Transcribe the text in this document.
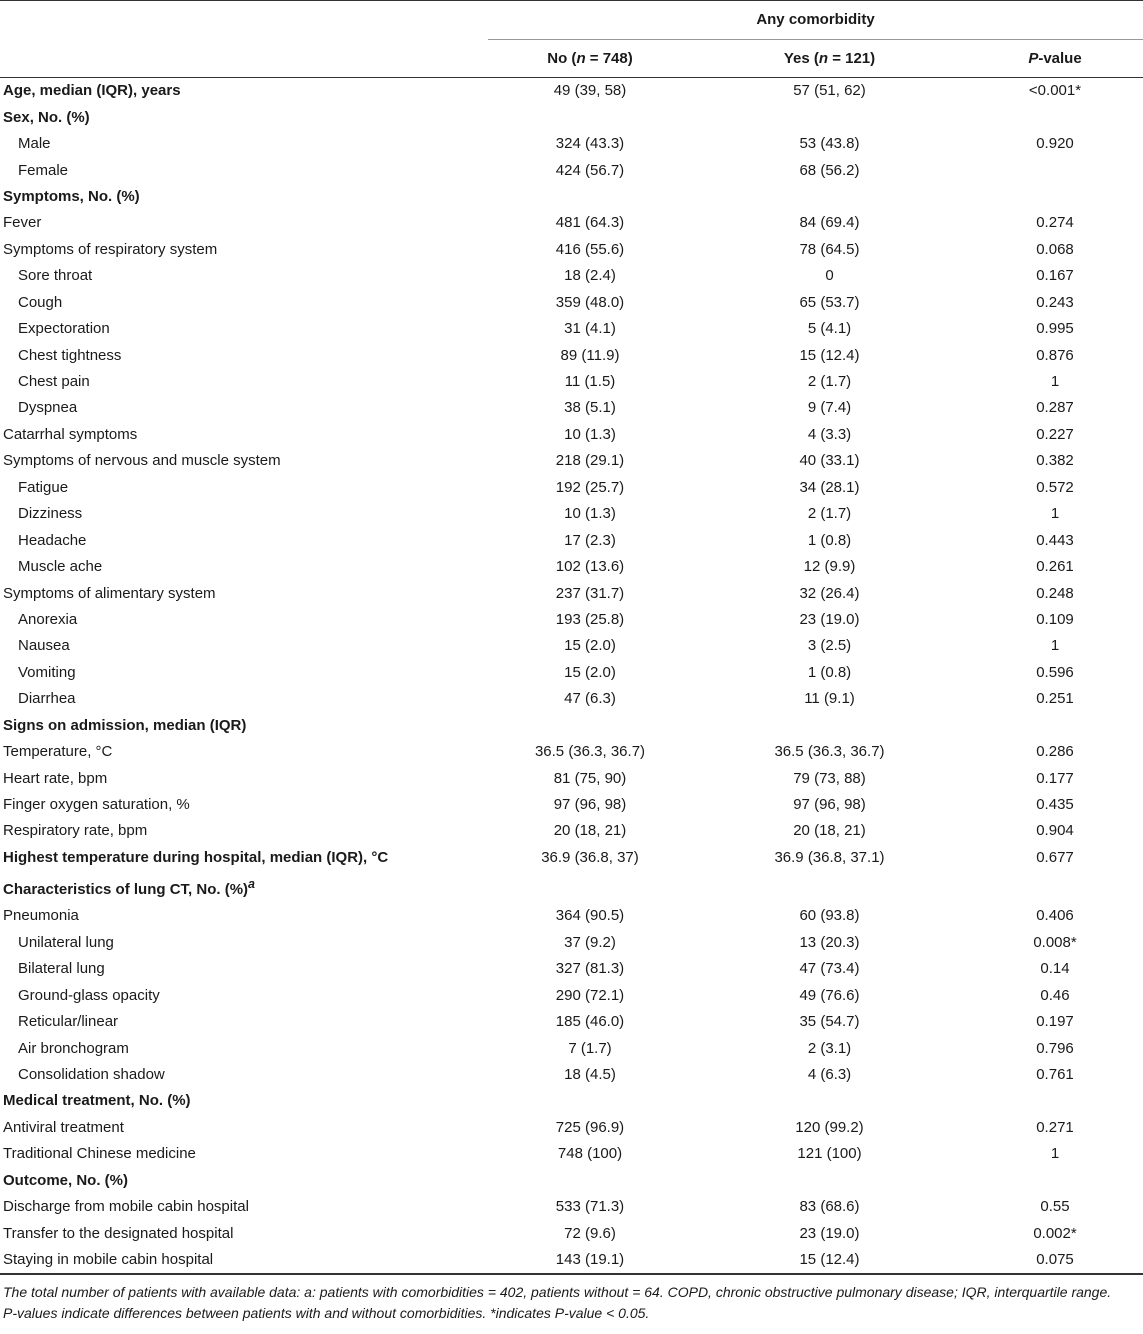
	Any comorbidity		
	No (n = 748)	Yes (n = 121)	P-value
Age, median (IQR), years	49 (39, 58)	57 (51, 62)	<0.001*
Sex, No. (%)			
Male	324 (43.3)	53 (43.8)	0.920
Female	424 (56.7)	68 (56.2)	
Symptoms, No. (%)			
Fever	481 (64.3)	84 (69.4)	0.274
Symptoms of respiratory system	416 (55.6)	78 (64.5)	0.068
Sore throat	18 (2.4)	0	0.167
Cough	359 (48.0)	65 (53.7)	0.243
Expectoration	31 (4.1)	5 (4.1)	0.995
Chest tightness	89 (11.9)	15 (12.4)	0.876
Chest pain	11 (1.5)	2 (1.7)	1
Dyspnea	38 (5.1)	9 (7.4)	0.287
Catarrhal symptoms	10 (1.3)	4 (3.3)	0.227
Symptoms of nervous and muscle system	218 (29.1)	40 (33.1)	0.382
Fatigue	192 (25.7)	34 (28.1)	0.572
Dizziness	10 (1.3)	2 (1.7)	1
Headache	17 (2.3)	1 (0.8)	0.443
Muscle ache	102 (13.6)	12 (9.9)	0.261
Symptoms of alimentary system	237 (31.7)	32 (26.4)	0.248
Anorexia	193 (25.8)	23 (19.0)	0.109
Nausea	15 (2.0)	3 (2.5)	1
Vomiting	15 (2.0)	1 (0.8)	0.596
Diarrhea	47 (6.3)	11 (9.1)	0.251
Signs on admission, median (IQR)			
Temperature, °C	36.5 (36.3, 36.7)	36.5 (36.3, 36.7)	0.286
Heart rate, bpm	81 (75, 90)	79 (73, 88)	0.177
Finger oxygen saturation, %	97 (96, 98)	97 (96, 98)	0.435
Respiratory rate, bpm	20 (18, 21)	20 (18, 21)	0.904
Highest temperature during hospital, median (IQR), °C	36.9 (36.8, 37)	36.9 (36.8, 37.1)	0.677
Characteristics of lung CT, No. (%)$^a$			
Pneumonia	364 (90.5)	60 (93.8)	0.406
Unilateral lung	37 (9.2)	13 (20.3)	0.008*
Bilateral lung	327 (81.3)	47 (73.4)	0.14
Ground-glass opacity	290 (72.1)	49 (76.6)	0.46
Reticular/linear	185 (46.0)	35 (54.7)	0.197
Air bronchogram	7 (1.7)	2 (3.1)	0.796
Consolidation shadow	18 (4.5)	4 (6.3)	0.761
Medical treatment, No. (%)			
Antiviral treatment	725 (96.9)	120 (99.2)	0.271
Traditional Chinese medicine	748 (100)	121 (100)	1
Outcome, No. (%)			
Discharge from mobile cabin hospital	533 (71.3)	83 (68.6)	0.55
Transfer to the designated hospital	72 (9.6)	23 (19.0)	0.002*
Staying in mobile cabin hospital	143 (19.1)	15 (12.4)	0.075

The total number of patients with available data: a: patients with comorbidities = 402, patients without = 64. COPD, chronic obstructive pulmonary disease; IQR, interquartile range.

P-values indicate differences between patients with and without comorbidities. *indicates P-value < 0.05.
